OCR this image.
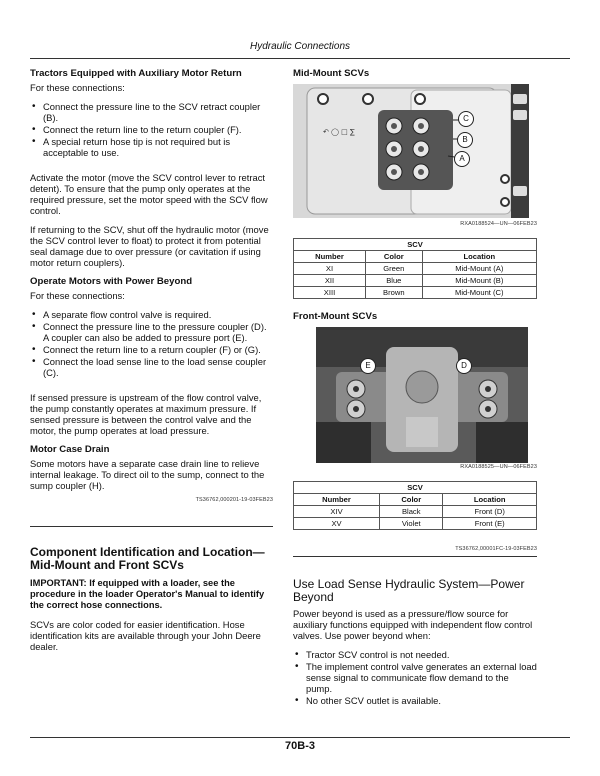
Hydraulic Connections
Tractors Equipped with Auxiliary Motor Return

For these connections:

• Connect the pressure line to the SCV retract coupler (B).
• Connect the return line to the return coupler (F).
• A special return hose tip is not required but is acceptable to use.

Activate the motor (move the SCV control lever to retract detent). To ensure that the pump only operates at the required pressure, set the motor speed with the SCV flow control.

If returning to the SCV, shut off the hydraulic motor (move the SCV control lever to float) to protect it from potential seal damage due to over pressure (or cavitation if using motor return couplers).

Operate Motors with Power Beyond

For these connections:

• A separate flow control valve is required.
• Connect the pressure line to the pressure coupler (D). A coupler can also be added to pressure port (E).
• Connect the return line to a return coupler (F) or (G).
• Connect the load sense line to the load sense coupler (C).

If sensed pressure is upstream of the flow control valve, the pump constantly operates at maximum pressure. If sensed pressure is between the control valve and the motor, the pump operates at load pressure.

Motor Case Drain

Some motors have a separate case drain line to relieve internal leakage. To direct oil to the sump, connect to the sump coupler (H).

TS36762,000201-19-03FEB23
Component Identification and Location—Mid-Mount and Front SCVs

IMPORTANT: If equipped with a loader, see the procedure in the loader Operator's Manual to identify the correct hose connections.

SCVs are color coded for easier identification. Hose identification kits are available through your John Deere dealer.

Mid-Mount SCVs
↶ ◯ □ ∑
C
B
A
RXA0188524—UN—06FEB23
SCV		
Number	Color	Location
XI	Green	Mid-Mount (A)
XII	Blue	Mid-Mount (B)
XIII	Brown	Mid-Mount (C)
Front-Mount SCVs
E	D
RXA0188525—UN—06FEB23
SCV		
Number	Color	Location
XIV	Black	Front (D)
XV	Violet	Front (E)
TS36762,00001FC-19-03FEB23
Use Load Sense Hydraulic System—Power Beyond

Power beyond is used as a pressure/flow source for auxiliary functions equipped with independent flow control valves. Use power beyond when:

• Tractor SCV control is not needed.
• The implement control valve generates an external load sense signal to communicate flow demand to the pump.
• No other SCV outlet is available.
70B-3
